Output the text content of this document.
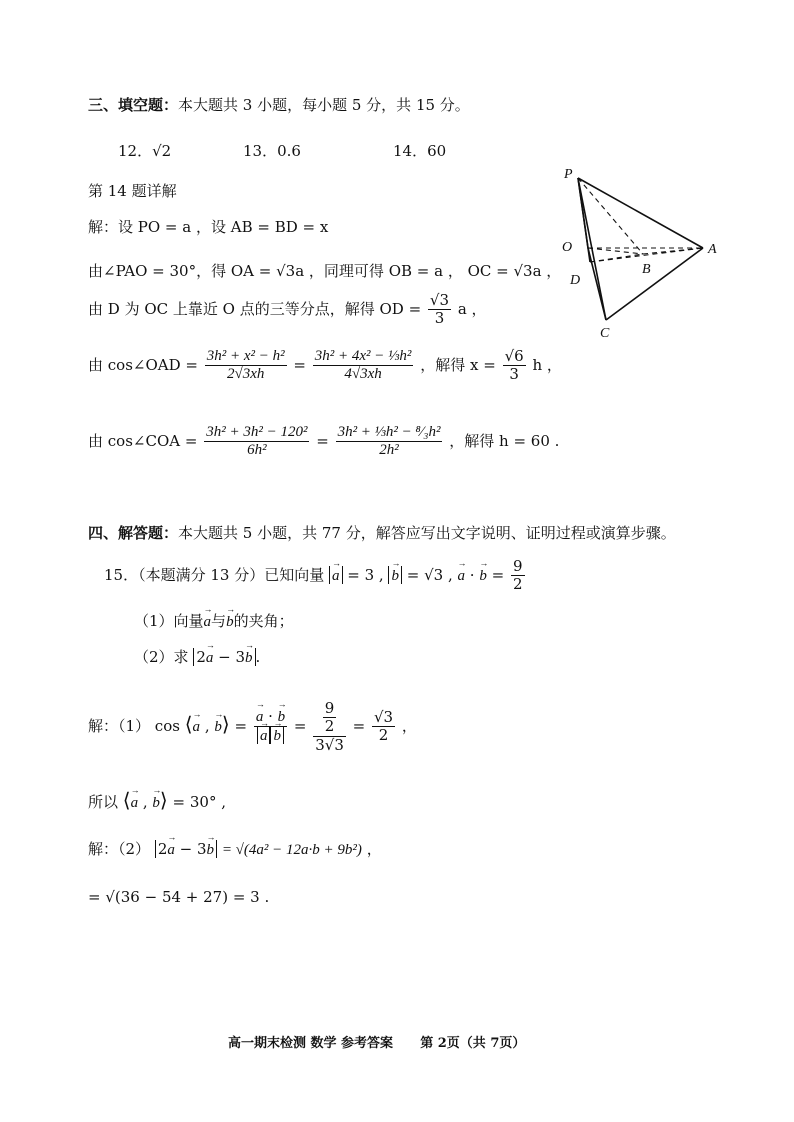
三、填空题：本大题共 3 小题，每小题 5 分，共 15 分。
12．√2	13．0.6	14．60
第 14 题详解
解：设 PO = a ，设 AB = BD = x
由∠PAO = 30°，得 OA = √3a ，同理可得 OB = a ， OC = √3a ，
由 D 为 OC 上靠近 O 点的三等分点，解得 OD = $\frac{√3}{3}$ a ，
由 cos∠OAD = $\frac{\text{3h² + x² − h²}}{2√3xh} = \frac{\text{3h² + 4x² − ⅓h²}}{4√3xh}$ ，解得 $x = \frac{√6}{3}$ h ，
由 cos∠COA = $\frac{\text{3h² + 3h² − 120²}}{\text{6h²}} = \frac{\text{3h² + ⅓h² − ⁸⁄₃h²}}{\text{2h²}}$ ，解得 h = 60 .
P
O	A
B
D
C
四、解答题：本大题共 5 小题，共 77 分，解答应写出文字说明、证明过程或演算步骤。
15．（本题满分 13 分）已知向量 → a = 3 , → b = √3 , → a · → $b = \frac{9}{2}$
（1）向量→ a与→ b的夹角；
（2）求 2→ a − 3→ b .
解：（1） cos ⟨→ a , → b⟩ = → a · → b
→ $a \to b = \frac{\frac{9}{2}}{3√3} = \frac{√3}{2}$ ，
所以 ⟨→ a , → b⟩ = 30° ,
解：（2） 2→ a − 3→ b = √(4a² − 12a·b + 9b²) ，
= √(36 − 54 + 27) = 3 .
高一期末检测 数学 参考答案 第 2页（共 7页）
